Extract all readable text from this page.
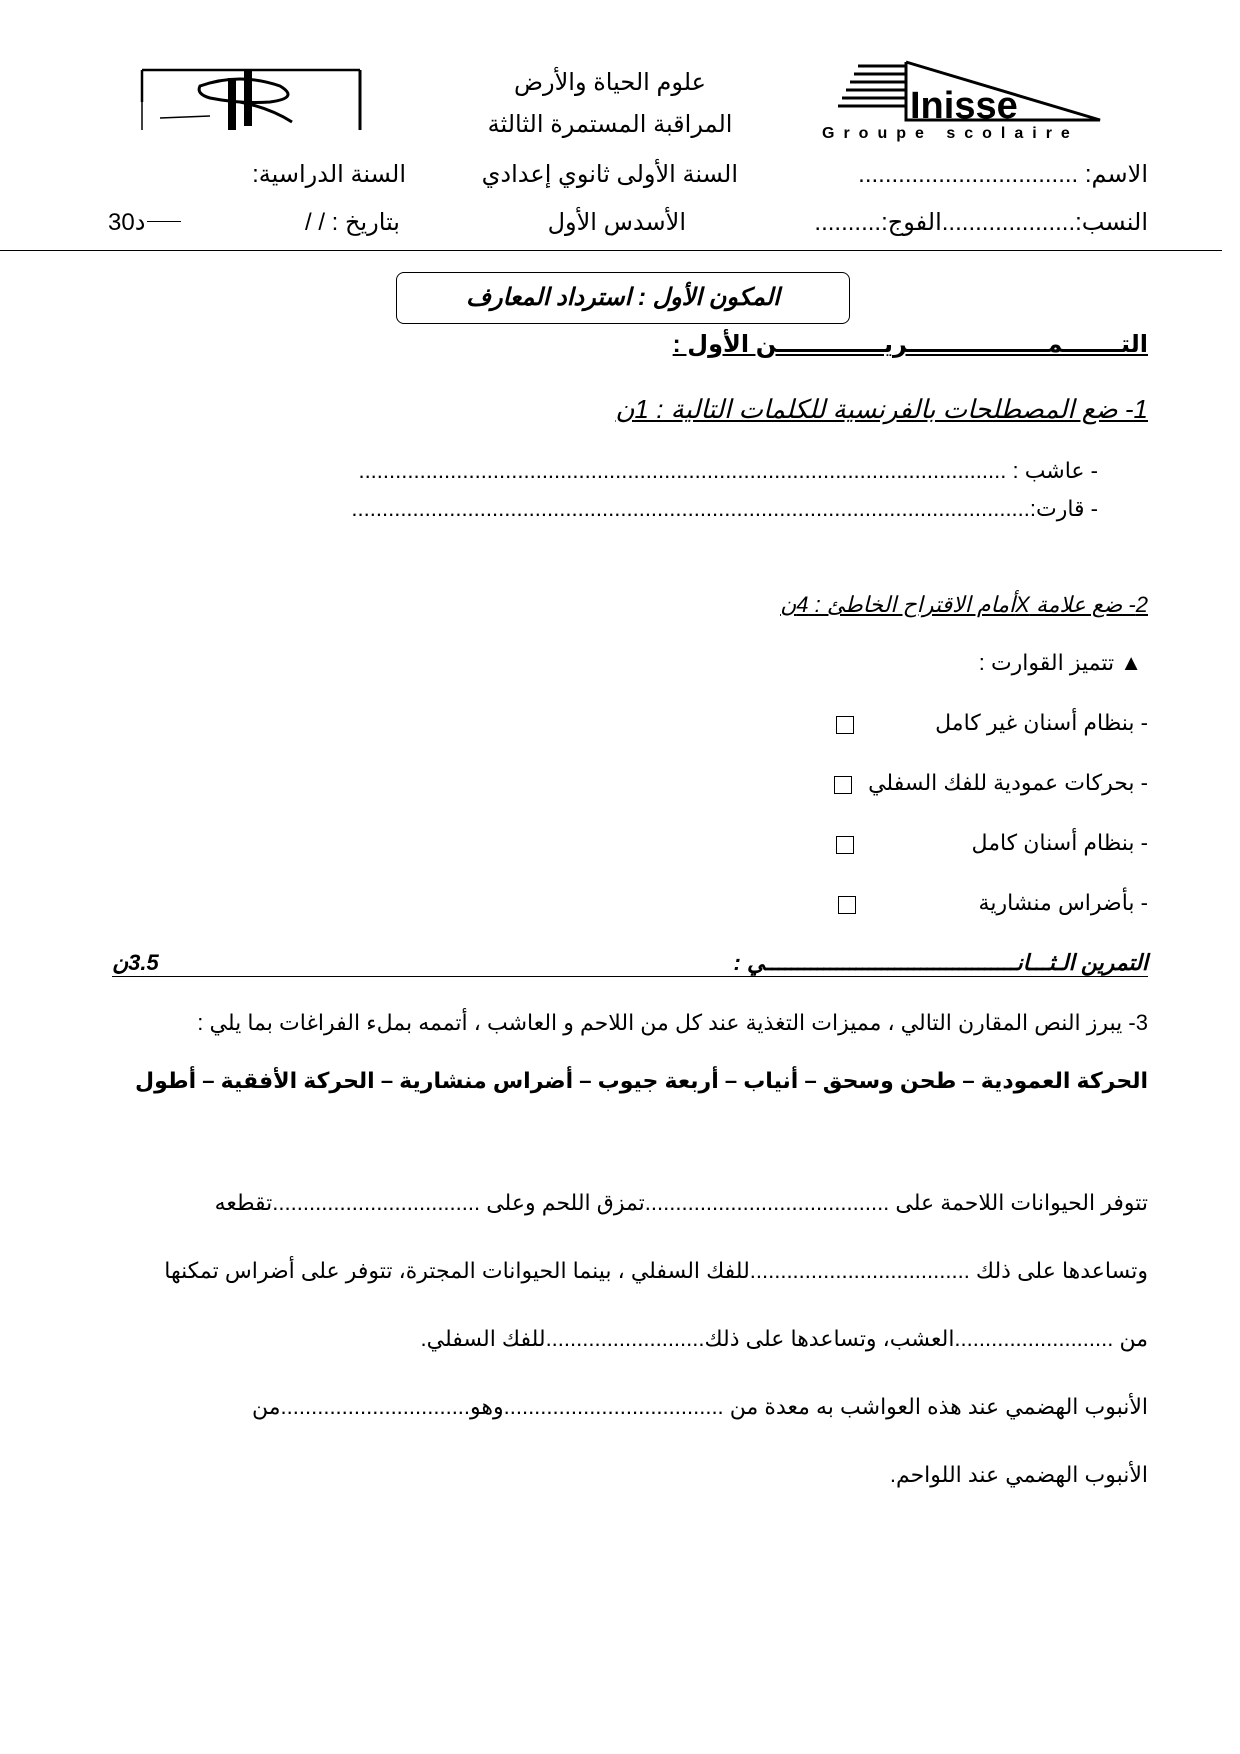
Inisse
Groupe scolaire
علوم الحياة والأرض
المراقبة المستمرة الثالثة
الاسم: .................................
السنة الأولى ثانوي إعدادي
السنة الدراسية:
النسب:....................الفوج:..........
الأسدس الأول
بتاريخ : / /
30د
المكون الأول : استرداد المعارف
التـــــــمـــــــــــــــــريـــــــــــــن الأول :
1- ضع المصطلحات بالفرنسية للكلمات التالية : 1ن
- عاشب : ..........................................................................................................
- قارت:...............................................................................................................
2- ضع علامة Xأمام الاقتراح الخاطئ : 4ن
▲ تتميز القوارت :
- بنظام أسنان غير كامل
- بحركات عمودية للفك السفلي
- بنظام أسنان كامل
- بأضراس منشارية
التمرين الـثـــانـــــــــــــــــــــــــــــــــــــــي :
3.5ن
3- يبرز النص المقارن التالي ، مميزات التغذية عند كل من اللاحم و العاشب ، أتممه بملء الفراغات بما يلي :
الحركة العمودية – طحن وسحق – أنياب – أربعة جيوب – أضراس منشارية – الحركة الأفقية – أطول
تتوفر الحيوانات اللاحمة على ........................................تمزق اللحم وعلى ..................................تقطعه
وتساعدها على ذلك ....................................للفك السفلي ، بينما الحيوانات المجترة، تتوفر على أضراس تمكنها
من ..........................العشب، وتساعدها على ذلك..........................للفك السفلي.
الأنبوب الهضمي عند هذه العواشب به معدة من ....................................وهو...............................من
الأنبوب الهضمي عند اللواحم.
